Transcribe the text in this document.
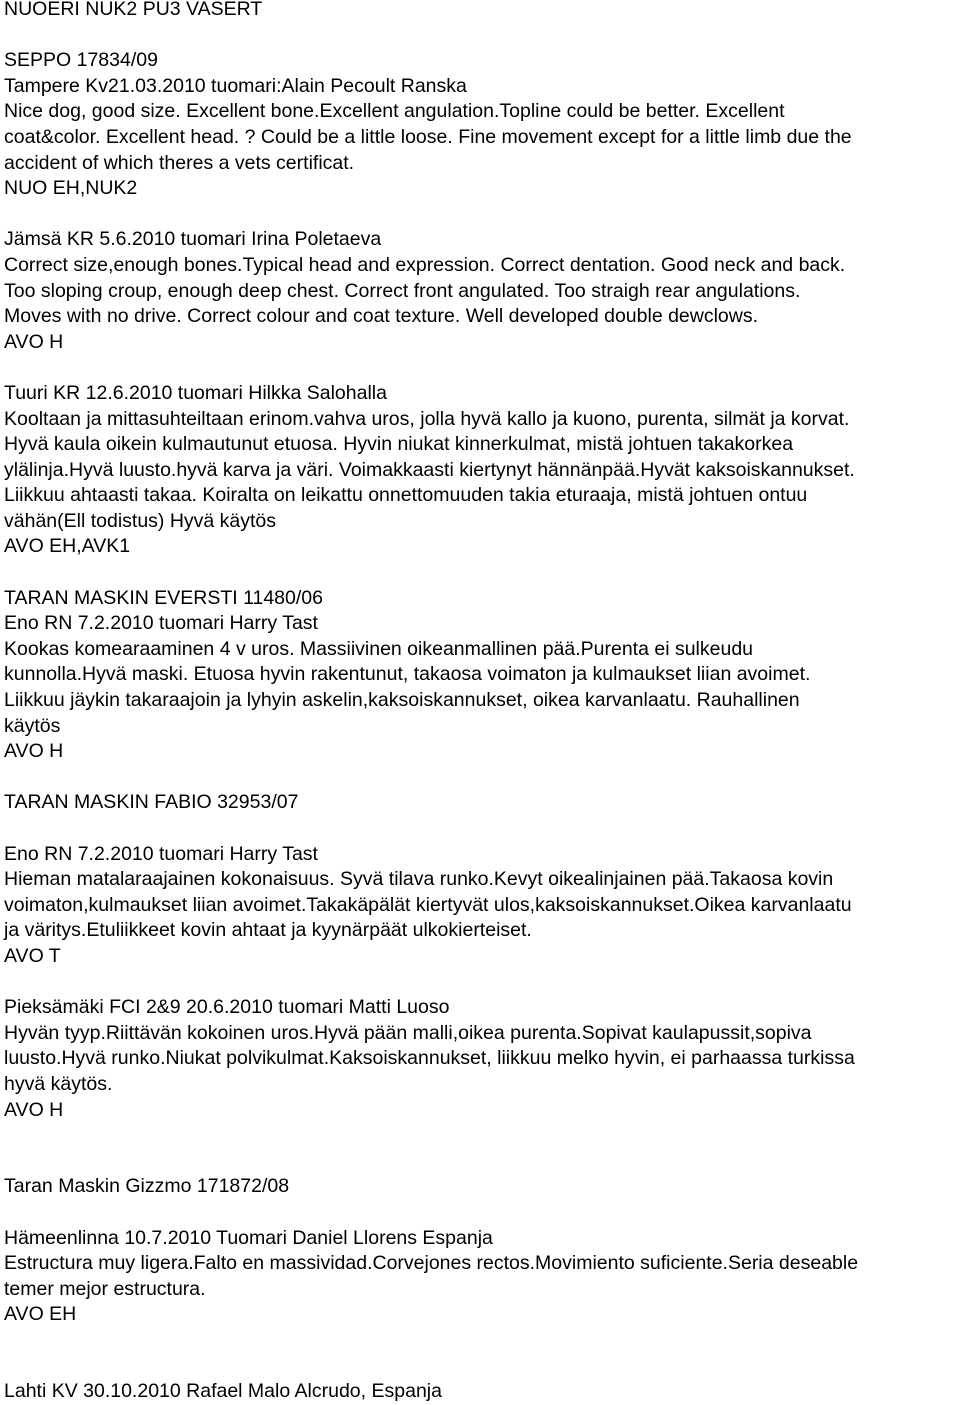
NUOERI NUK2 PU3 VASERT
SEPPO 17834/09
Tampere Kv21.03.2010 tuomari:Alain Pecoult Ranska
Nice dog, good size. Excellent bone.Excellent angulation.Topline could be better. Excellent
coat&color. Excellent head. ? Could be a little loose. Fine movement except for a little limb due the
accident of which theres a vets certificat.
NUO EH,NUK2
Jämsä KR 5.6.2010 tuomari Irina Poletaeva
Correct size,enough bones.Typical head and expression. Correct dentation. Good neck and back.
Too sloping croup, enough deep chest. Correct front angulated. Too straigh rear angulations.
Moves with no drive. Correct colour and coat texture. Well developed double dewclows.
AVO H
Tuuri KR 12.6.2010 tuomari Hilkka Salohalla
Kooltaan ja mittasuhteiltaan erinom.vahva uros, jolla hyvä kallo ja kuono, purenta, silmät ja korvat.
Hyvä kaula oikein kulmautunut etuosa. Hyvin niukat kinnerkulmat, mistä johtuen takakorkea
ylälinja.Hyvä luusto.hyvä karva ja väri. Voimakkaasti kiertynyt hännänpää.Hyvät kaksoiskannukset.
Liikkuu ahtaasti takaa. Koiralta on leikattu onnettomuuden takia eturaaja, mistä johtuen ontuu
vähän(Ell todistus) Hyvä käytös
AVO EH,AVK1
TARAN MASKIN EVERSTI 11480/06
Eno RN 7.2.2010 tuomari Harry Tast
Kookas komearaaminen 4 v uros. Massiivinen oikeanmallinen pää.Purenta ei sulkeudu
kunnolla.Hyvä maski. Etuosa hyvin rakentunut, takaosa voimaton ja kulmaukset liian avoimet.
Liikkuu jäykin takaraajoin ja lyhyin askelin,kaksoiskannukset, oikea karvanlaatu. Rauhallinen
käytös
AVO H
TARAN MASKIN FABIO 32953/07
Eno RN 7.2.2010 tuomari Harry Tast
Hieman matalaraajainen kokonaisuus. Syvä tilava runko.Kevyt oikealinjainen pää.Takaosa kovin
voimaton,kulmaukset liian avoimet.Takakäpälät kiertyvät ulos,kaksoiskannukset.Oikea karvanlaatu
ja väritys.Etuliikkeet kovin ahtaat ja kyynärpäät ulkokierteiset.
AVO T
Pieksämäki FCI 2&9 20.6.2010 tuomari Matti Luoso
Hyvän tyyp.Riittävän kokoinen uros.Hyvä pään malli,oikea purenta.Sopivat kaulapussit,sopiva
luusto.Hyvä runko.Niukat polvikulmat.Kaksoiskannukset, liikkuu melko hyvin, ei parhaassa turkissa
hyvä käytös.
AVO H
Taran Maskin Gizzmo 171872/08
Hämeenlinna 10.7.2010 Tuomari Daniel Llorens Espanja
Estructura muy ligera.Falto en massividad.Corvejones rectos.Movimiento suficiente.Seria deseable
temer mejor estructura.
AVO EH
Lahti KV 30.10.2010 Rafael Malo Alcrudo, Espanja
